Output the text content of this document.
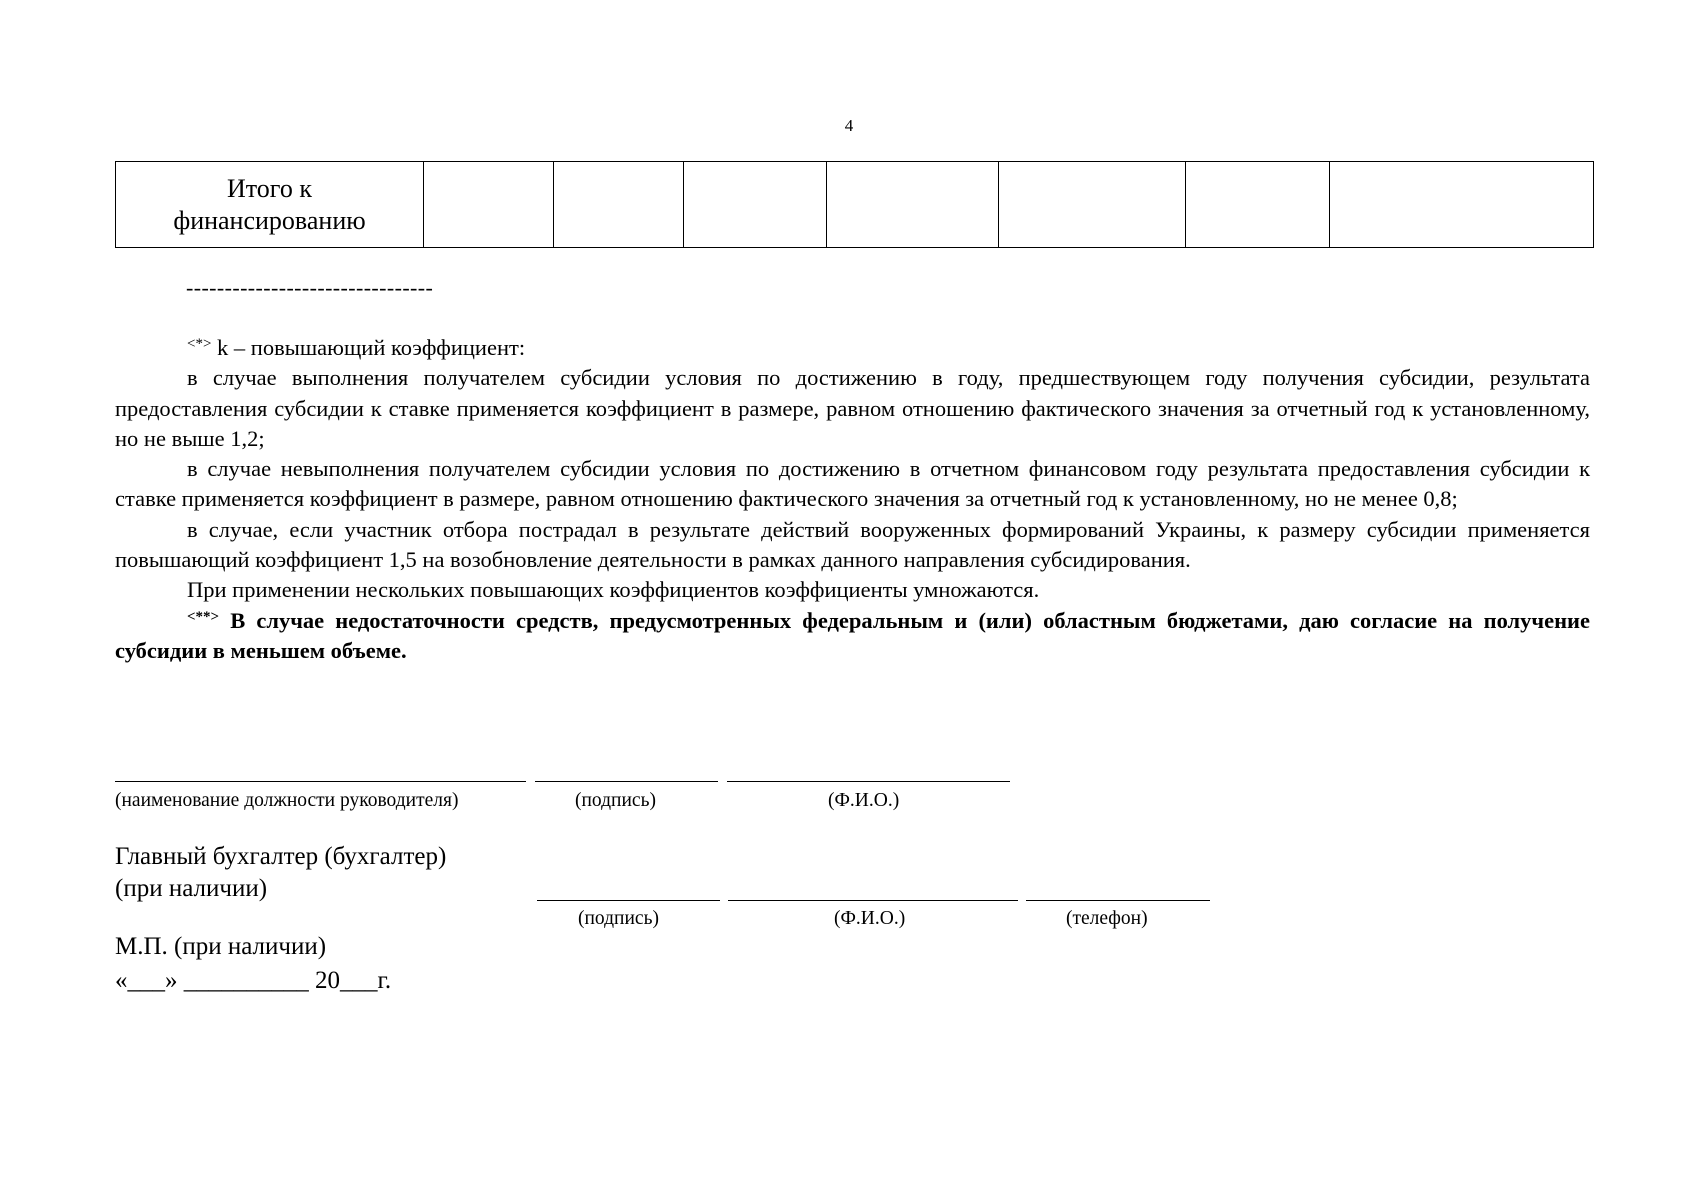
4
Итого к финансированию							
--------------------------------

<*> k – повышающий коэффициент:

в случае выполнения получателем субсидии условия по достижению в году, предшествующем году получения субсидии, результата предоставления субсидии к ставке применяется коэффициент в размере, равном отношению фактического значения за отчетный год к установленному, но не выше 1,2;

в случае невыполнения получателем субсидии условия по достижению в отчетном финансовом году результата предоставления субсидии к ставке применяется коэффициент в размере, равном отношению фактического значения за отчетный год к установленному, но не менее 0,8;

в случае, если участник отбора пострадал в результате действий вооруженных формирований Украины, к размеру субсидии применяется повышающий коэффициент 1,5 на возобновление деятельности в рамках данного направления субсидирования.

При применении нескольких повышающих коэффициентов коэффициенты умножаются.

<**> В случае недостаточности средств, предусмотренных федеральным и (или) областным бюджетами, даю согласие на получение субсидии в меньшем объеме.

(наименование должности руководителя)	(подпись)	(Ф.И.О.)
Главный бухгалтер (бухгалтер)
(при наличии)
(подпись)	(Ф.И.О.)	(телефон)
М.П. (при наличии)
«___» __________ 20___г.
